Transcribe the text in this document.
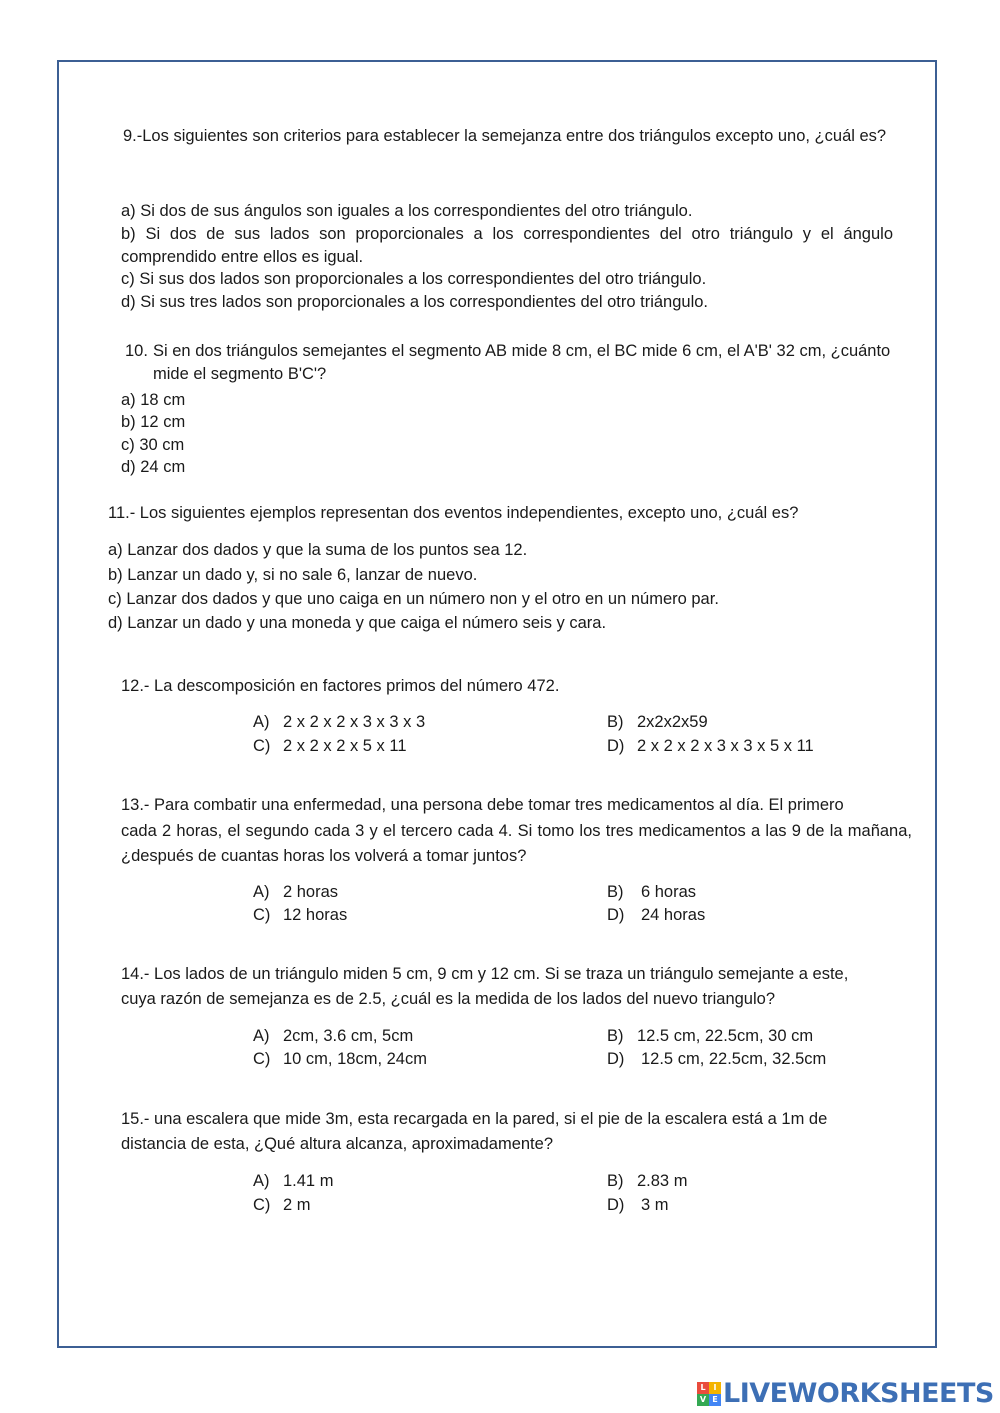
9.-Los siguientes son criterios para establecer la semejanza entre dos triángulos excepto uno, ¿cuál es?
a) Si dos de sus ángulos son iguales a los correspondientes del otro triángulo.
b) Si dos de sus lados son proporcionales a los correspondientes del otro triángulo y el ángulo comprendido entre ellos es igual.
c) Si sus dos lados son proporcionales a los correspondientes del otro triángulo.
d) Si sus tres lados son proporcionales a los correspondientes del otro triángulo.
10. Si en dos triángulos semejantes el segmento AB mide 8 cm, el BC mide 6 cm, el A'B' 32 cm, ¿cuánto mide el segmento B'C'?
a) 18 cm
b) 12 cm
c) 30 cm
d) 24 cm
11.- Los siguientes ejemplos representan dos eventos independientes, excepto uno, ¿cuál es?
a) Lanzar dos dados y que la suma de los puntos sea 12.
b) Lanzar un dado y, si no sale 6, lanzar de nuevo.
c) Lanzar dos dados y que uno caiga en un número non y el otro en un número par.
d) Lanzar un dado y una moneda y que caiga el número seis y cara.
12.- La descomposición en factores primos del número 472.
A) 2 x 2 x 2 x 3 x 3 x 3	B) 2x2x2x59
C) 2 x 2 x 2 x 5 x 11	D) 2 x 2 x 2 x 3 x 3 x 5 x 11
13.- Para combatir una enfermedad, una persona debe tomar tres medicamentos al día. El primero
cada 2 horas, el segundo cada 3 y el tercero cada 4. Si tomo los tres medicamentos a las 9 de la mañana, ¿después de cuantas horas los volverá a tomar juntos?
A) 2 horas	B) 6 horas
C) 12 horas	D) 24 horas
14.- Los lados de un triángulo miden 5 cm, 9 cm y 12 cm. Si se traza un triángulo semejante a este,
cuya razón de semejanza es de 2.5, ¿cuál es la medida de los lados del nuevo triangulo?
A) 2cm, 3.6 cm, 5cm	B) 12.5 cm, 22.5cm, 30 cm
C) 10 cm, 18cm, 24cm	D) 12.5 cm, 22.5cm, 32.5cm
15.- una escalera que mide 3m, esta recargada en la pared, si el pie de la escalera está a 1m de
distancia de esta, ¿Qué altura alcanza, aproximadamente?
A) 1.41 m	B) 2.83 m
C) 2 m	D) 3 m
L I
V E LIVEWORKSHEETS
